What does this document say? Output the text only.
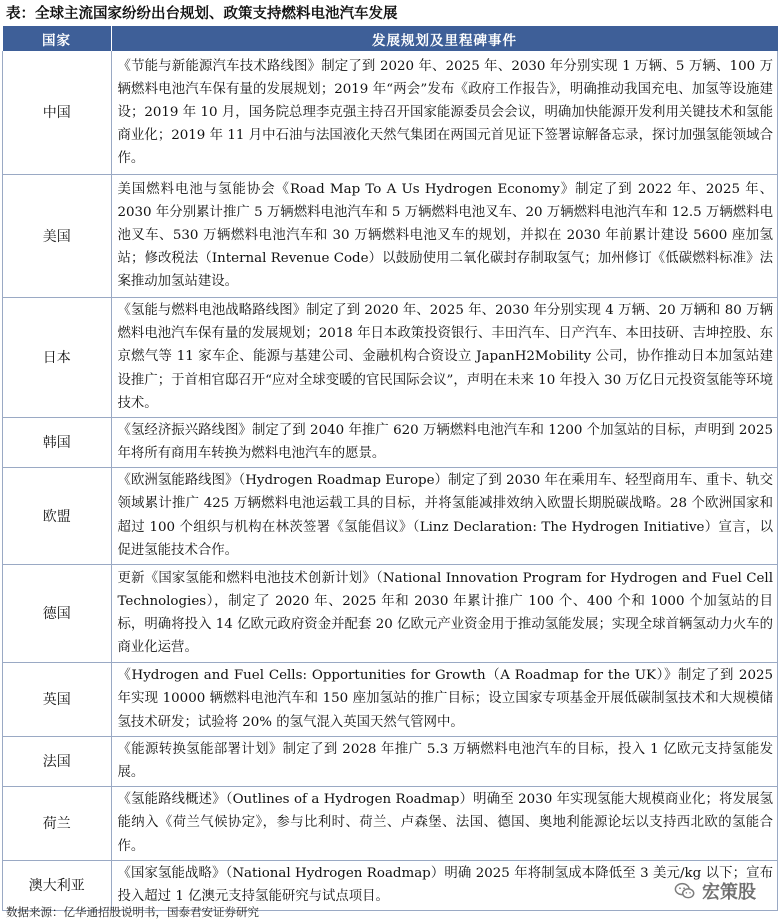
表：全球主流国家纷纷出台规划、政策支持燃料电池汽车发展
国家	发展规划及里程碑事件
中国	《节能与新能源汽车技术路线图》制定了到 2020 年、2025 年、2030 年分别实现 1 万辆、5 万辆、100 万辆燃料电池汽车保有量的发展规划；2019 年“两会”发布《政府工作报告》，明确推动我国充电、加氢等设施建设；2019 年 10 月，国务院总理李克强主持召开国家能源委员会会议，明确加快能源开发利用关键技术和氢能商业化；2019 年 11 月中石油与法国液化天然气集团在两国元首见证下签署谅解备忘录，探讨加强氢能领域合作。
美国	美国燃料电池与氢能协会《Road Map To A Us Hydrogen Economy》制定了到 2022 年、2025 年、2030 年分别累计推广 5 万辆燃料电池汽车和 5 万辆燃料电池叉车、20 万辆燃料电池汽车和 12.5 万辆燃料电池叉车、530 万辆燃料电池汽车和 30 万辆燃料电池叉车的规划，并拟在 2030 年前累计建设 5600 座加氢站；修改税法（Internal Revenue Code）以鼓励使用二氧化碳封存制取氢气；加州修订《低碳燃料标准》法案推动加氢站建设。
日本	《氢能与燃料电池战略路线图》制定了到 2020 年、2025 年、2030 年分别实现 4 万辆、20 万辆和 80 万辆燃料电池汽车保有量的发展规划；2018 年日本政策投资银行、丰田汽车、日产汽车、本田技研、吉坤控股、东京燃气等 11 家车企、能源与基建公司、金融机构合资设立 JapanH2Mobility 公司，协作推动日本加氢站建设推广；于首相官邸召开“应对全球变暖的官民国际会议”，声明在未来 10 年投入 30 万亿日元投资氢能等环境技术。
韩国	《氢经济振兴路线图》制定了到 2040 年推广 620 万辆燃料电池汽车和 1200 个加氢站的目标，声明到 2025 年将所有商用车转换为燃料电池汽车的愿景。
欧盟	《欧洲氢能路线图》（Hydrogen Roadmap Europe）制定了到 2030 年在乘用车、轻型商用车、重卡、轨交领域累计推广 425 万辆燃料电池运载工具的目标，并将氢能减排效纳入欧盟长期脱碳战略。28 个欧洲国家和超过 100 个组织与机构在林茨签署《氢能倡议》（Linz Declaration: The Hydrogen Initiative）宣言，以促进氢能技术合作。
德国	更新《国家氢能和燃料电池技术创新计划》（National Innovation Program for Hydrogen and Fuel Cell Technologies），制定了 2020 年、2025 年和 2030 年累计推广 100 个、400 个和 1000 个加氢站的目标，明确将投入 14 亿欧元政府资金并配套 20 亿欧元产业资金用于推动氢能发展；实现全球首辆氢动力火车的商业化运营。
英国	《Hydrogen and Fuel Cells: Opportunities for Growth（A Roadmap for the UK）》制定了到 2025 年实现 10000 辆燃料电池汽车和 150 座加氢站的推广目标；设立国家专项基金开展低碳制氢技术和大规模储氢技术研发；试验将 20% 的氢气混入英国天然气管网中。
法国	《能源转换氢能部署计划》制定了到 2028 年推广 5.3 万辆燃料电池汽车的目标，投入 1 亿欧元支持氢能发展。
荷兰	《氢能路线概述》（Outlines of a Hydrogen Roadmap）明确至 2030 年实现氢能大规模商业化；将发展氢能纳入《荷兰气候协定》，参与比利时、荷兰、卢森堡、法国、德国、奥地利能源论坛以支持西北欧的氢能合作。
澳大利亚	《国家氢能战略》（National Hydrogen Roadmap）明确 2025 年将制氢成本降低至 3 美元/kg 以下；宣布投入超过 1 亿澳元支持氢能研究与试点项目。
数据来源：亿华通招股说明书，国泰君安证券研究
宏策股
